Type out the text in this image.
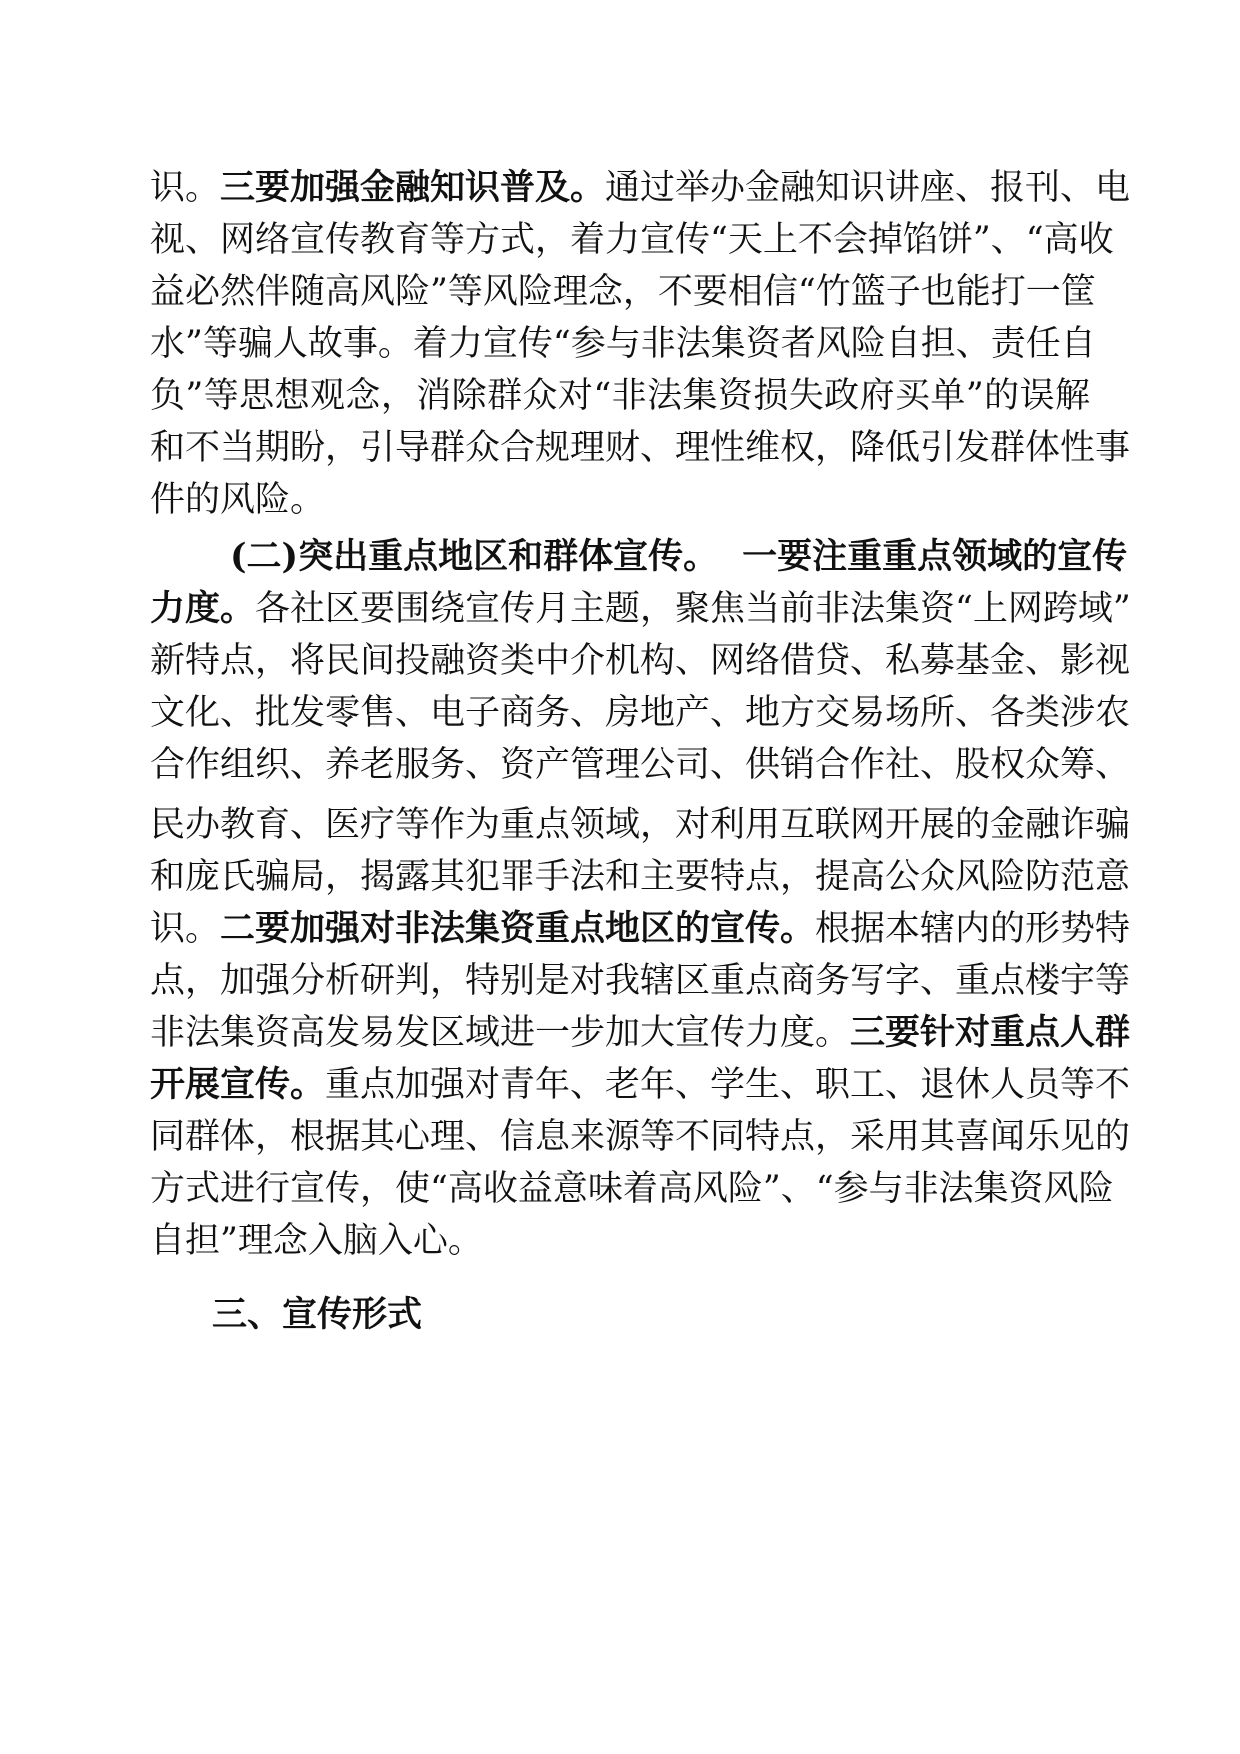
识。三要加强金融知识普及。通过举办金融知识讲座、报刊、电
视、网络宣传教育等方式，着力宣传“天上不会掉馅饼”、“高收
益必然伴随高风险”等风险理念，不要相信“竹篮子也能打一筐
水”等骗人故事。着力宣传“参与非法集资者风险自担、责任自
负”等思想观念，消除群众对“非法集资损失政府买单”的误解
和不当期盼，引导群众合规理财、理性维权，降低引发群体性事
件的风险。
(二)突出重点地区和群体宣传。 一要注重重点领域的宣传
力度。各社区要围绕宣传月主题，聚焦当前非法集资“上网跨域”
新特点，将民间投融资类中介机构、网络借贷、私募基金、影视
文化、批发零售、电子商务、房地产、地方交易场所、各类涉农
合作组织、养老服务、资产管理公司、供销合作社、股权众筹、
民办教育、医疗等作为重点领域，对利用互联网开展的金融诈骗
和庞氏骗局，揭露其犯罪手法和主要特点，提高公众风险防范意
识。二要加强对非法集资重点地区的宣传。根据本辖内的形势特
点，加强分析研判，特别是对我辖区重点商务写字、重点楼宇等
非法集资高发易发区域进一步加大宣传力度。三要针对重点人群
开展宣传。重点加强对青年、老年、学生、职工、退休人员等不
同群体，根据其心理、信息来源等不同特点，采用其喜闻乐见的
方式进行宣传，使“高收益意味着高风险”、“参与非法集资风险
自担”理念入脑入心。
三、宣传形式
